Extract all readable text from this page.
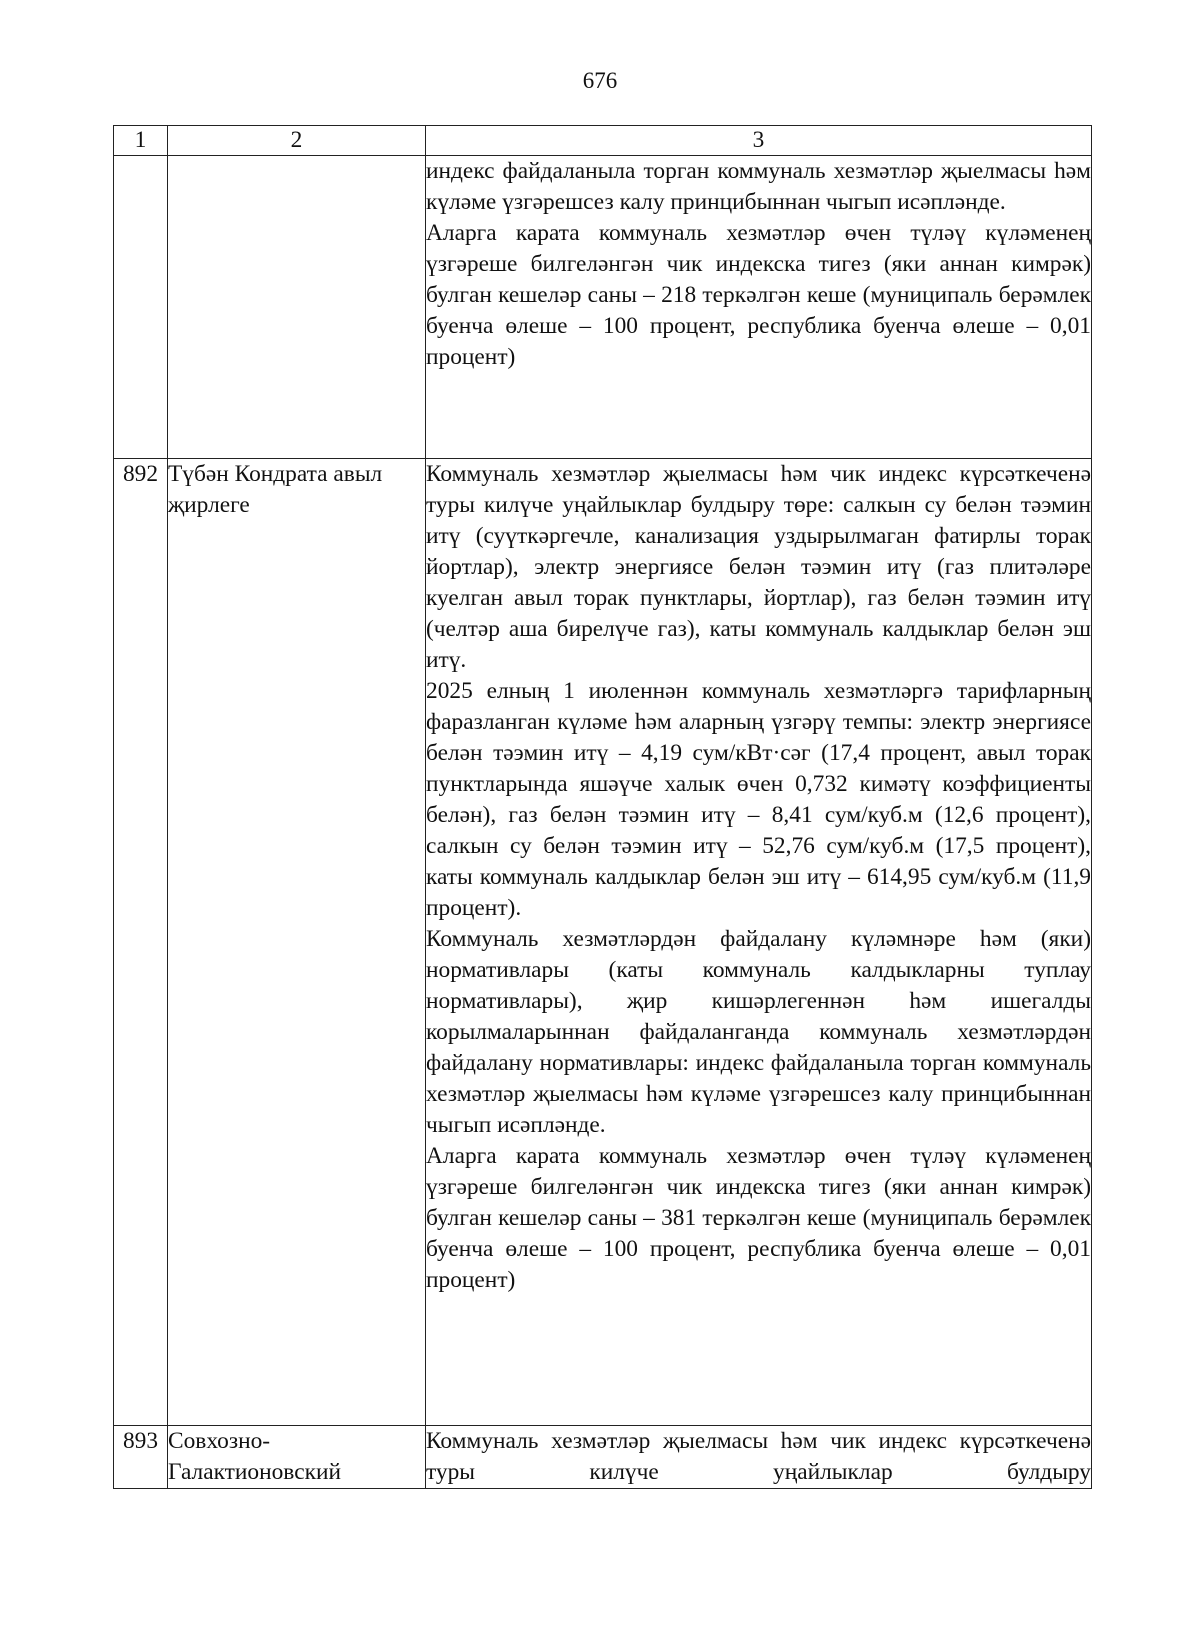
676
1	2	3

		индекс файдаланыла торган коммуналь хезмәтләр җыелмасы һәм күләме үзгәрешсез калу принцибыннан чыгып исәпләнде.

Аларга карата коммуналь хезмәтләр өчен түләү күләменең үзгәреше билгеләнгән чик индекска тигез (яки аннан кимрәк) булган кешеләр саны – 218 теркәлгән кеше (муниципаль берәмлек буенча өлеше – 100 процент, республика буенча өлеше – 0,01 процент)

892	Түбән Кондрата авыл җирлеге	Коммуналь хезмәтләр җыелмасы һәм чик индекс күрсәткеченә туры килүче уңайлыклар булдыру төре: салкын су белән тәэмин итү (суүткәргечле, канализация уздырылмаган фатирлы торак йортлар), электр энергиясе белән тәэмин итү (газ плитәләре куелган авыл торак пунктлары, йортлар), газ белән тәэмин итү (челтәр аша бирелүче газ), каты коммуналь калдыклар белән эш итү.

2025 елның 1 июленнән коммуналь хезмәтләргә тарифларның фаразланган күләме һәм аларның үзгәрү темпы: электр энергиясе белән тәэмин итү – 4,19 сум/кВт·сәг (17,4 процент, авыл торак пунктларында яшәүче халык өчен 0,732 кимәтү коэффициенты белән), газ белән тәэмин итү – 8,41 сум/куб.м (12,6 процент), салкын су белән тәэмин итү – 52,76 сум/куб.м (17,5 процент), каты коммуналь калдыклар белән эш итү – 614,95 сум/куб.м (11,9 процент).

Коммуналь хезмәтләрдән файдалану күләмнәре һәм (яки) нормативлары (каты коммуналь калдыкларны туплау нормативлары), җир кишәрлегеннән һәм ишегалды корылмаларыннан файдаланганда коммуналь хезмәтләрдән файдалану нормативлары: индекс файдаланыла торган коммуналь хезмәтләр җыелмасы һәм күләме үзгәрешсез калу принцибыннан чыгып исәпләнде.

Аларга карата коммуналь хезмәтләр өчен түләү күләменең үзгәреше билгеләнгән чик индекска тигез (яки аннан кимрәк) булган кешеләр саны – 381 теркәлгән кеше (муниципаль берәмлек буенча өлеше – 100 процент, республика буенча өлеше – 0,01 процент)

893	Совхозно-Галактионовский	Коммуналь хезмәтләр җыелмасы һәм чик индекс күрсәткеченә туры килүче уңайлыклар булдыру
